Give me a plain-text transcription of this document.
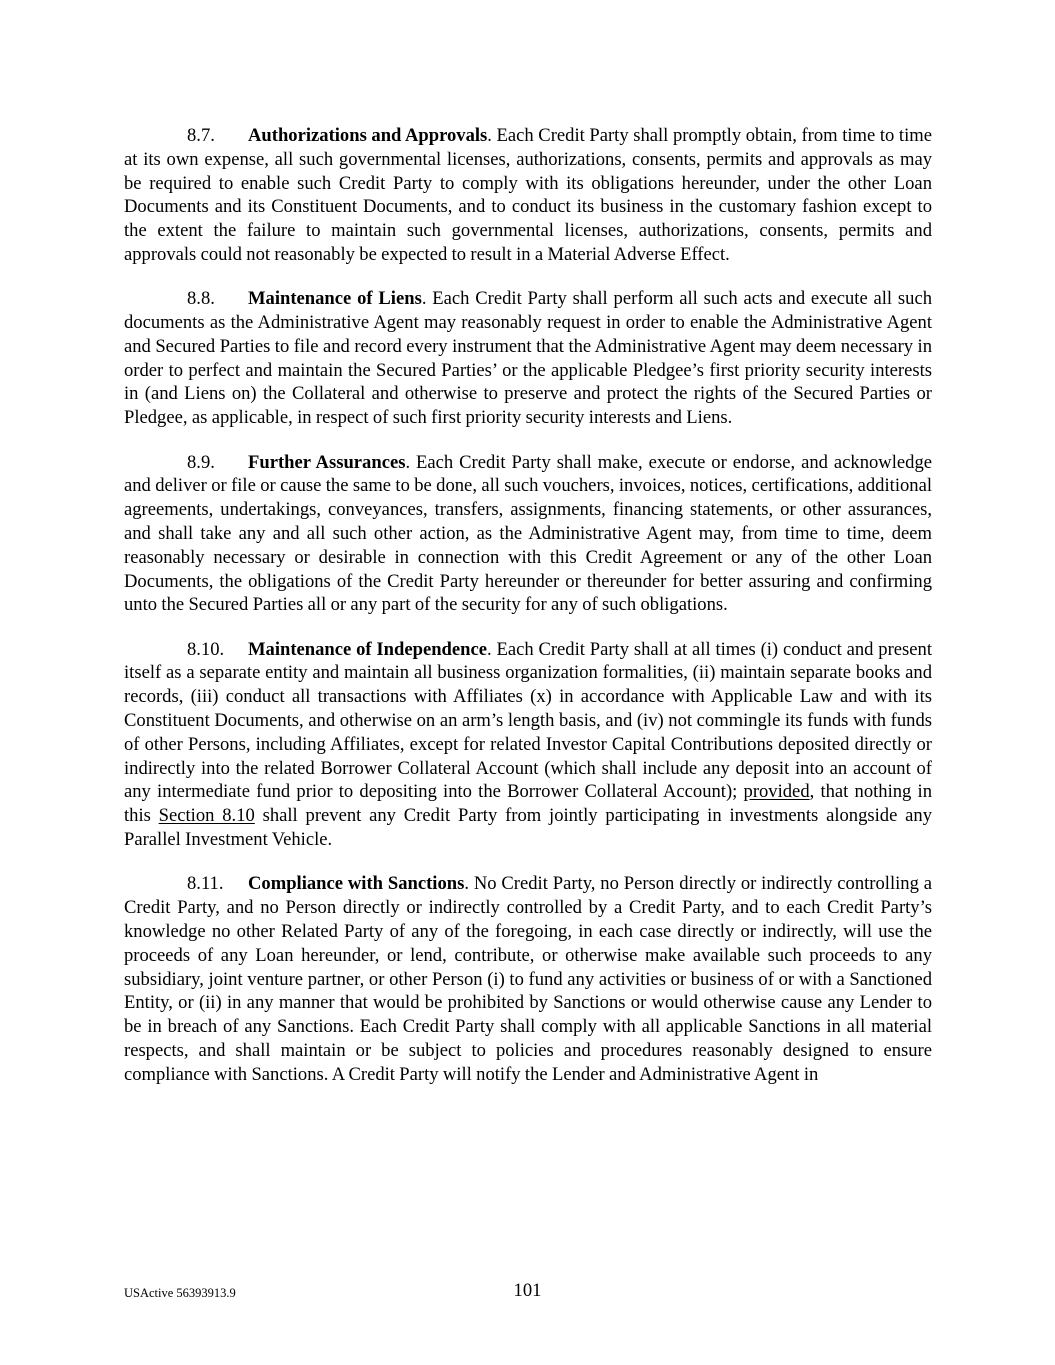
8.7. Authorizations and Approvals. Each Credit Party shall promptly obtain, from time to time at its own expense, all such governmental licenses, authorizations, consents, permits and approvals as may be required to enable such Credit Party to comply with its obligations hereunder, under the other Loan Documents and its Constituent Documents, and to conduct its business in the customary fashion except to the extent the failure to maintain such governmental licenses, authorizations, consents, permits and approvals could not reasonably be expected to result in a Material Adverse Effect.

8.8. Maintenance of Liens. Each Credit Party shall perform all such acts and execute all such documents as the Administrative Agent may reasonably request in order to enable the Administrative Agent and Secured Parties to file and record every instrument that the Administrative Agent may deem necessary in order to perfect and maintain the Secured Parties’ or the applicable Pledgee’s first priority security interests in (and Liens on) the Collateral and otherwise to preserve and protect the rights of the Secured Parties or Pledgee, as applicable, in respect of such first priority security interests and Liens.

8.9. Further Assurances. Each Credit Party shall make, execute or endorse, and acknowledge and deliver or file or cause the same to be done, all such vouchers, invoices, notices, certifications, additional agreements, undertakings, conveyances, transfers, assignments, financing statements, or other assurances, and shall take any and all such other action, as the Administrative Agent may, from time to time, deem reasonably necessary or desirable in connection with this Credit Agreement or any of the other Loan Documents, the obligations of the Credit Party hereunder or thereunder for better assuring and confirming unto the Secured Parties all or any part of the security for any of such obligations.

8.10. Maintenance of Independence. Each Credit Party shall at all times (i) conduct and present itself as a separate entity and maintain all business organization formalities, (ii) maintain separate books and records, (iii) conduct all transactions with Affiliates (x) in accordance with Applicable Law and with its Constituent Documents, and otherwise on an arm’s length basis, and (iv) not commingle its funds with funds of other Persons, including Affiliates, except for related Investor Capital Contributions deposited directly or indirectly into the related Borrower Collateral Account (which shall include any deposit into an account of any intermediate fund prior to depositing into the Borrower Collateral Account); provided, that nothing in this Section 8.10 shall prevent any Credit Party from jointly participating in investments alongside any Parallel Investment Vehicle.

8.11. Compliance with Sanctions. No Credit Party, no Person directly or indirectly controlling a Credit Party, and no Person directly or indirectly controlled by a Credit Party, and to each Credit Party’s knowledge no other Related Party of any of the foregoing, in each case directly or indirectly, will use the proceeds of any Loan hereunder, or lend, contribute, or otherwise make available such proceeds to any subsidiary, joint venture partner, or other Person (i) to fund any activities or business of or with a Sanctioned Entity, or (ii) in any manner that would be prohibited by Sanctions or would otherwise cause any Lender to be in breach of any Sanctions. Each Credit Party shall comply with all applicable Sanctions in all material respects, and shall maintain or be subject to policies and procedures reasonably designed to ensure compliance with Sanctions. A Credit Party will notify the Lender and Administrative Agent in

101
USActive 56393913.9
